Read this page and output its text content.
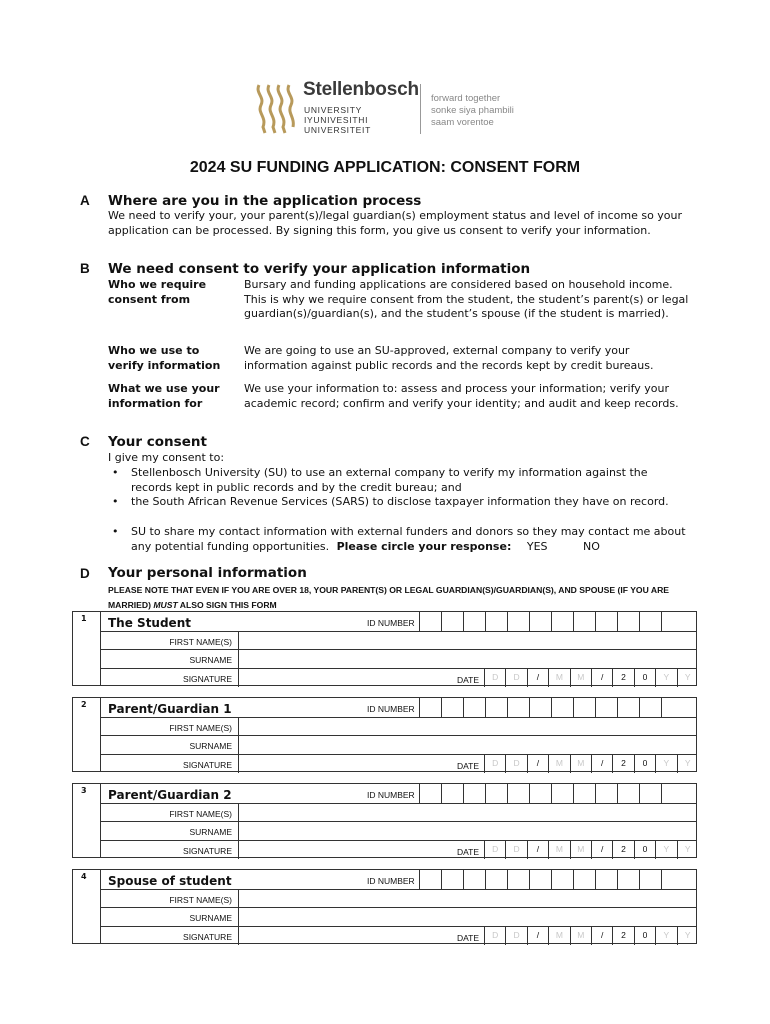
Stellenbosch
UNIVERSITY
IYUNIVESITHI
UNIVERSITEIT
forward together
sonke siya phambili
saam vorentoe
2024 SU FUNDING APPLICATION: CONSENT FORM
A Where are you in the application process
We need to verify your, your parent(s)/legal guardian(s) employment status and level of income so your application can be processed. By signing this form, you give us consent to verify your information.
B We need consent to verify your application information
Who we require consent from
Bursary and funding applications are considered based on household income. This is why we require consent from the student, the student’s parent(s) or legal guardian(s)/guardian(s), and the student’s spouse (if the student is married).
Who we use to verify information
We are going to use an SU-approved, external company to verify your information against public records and the records kept by credit bureaus.
What we use your information for
We use your information to: assess and process your information; verify your academic record; confirm and verify your identity; and audit and keep records.
C Your consent
I give my consent to:
• Stellenbosch University (SU) to use an external company to verify my information against the records kept in public records and by the credit bureau; and
• the South African Revenue Services (SARS) to disclose taxpayer information they have on record.
• SU to share my contact information with external funders and donors so they may contact me about any potential funding opportunities. Please circle your response: YES	NO
D Your personal information
PLEASE NOTE THAT EVEN IF YOU ARE OVER 18, YOUR PARENT(S) OR LEGAL GUARDIAN(S)/GUARDIAN(S), AND SPOUSE (IF YOU ARE MARRIED) MUST ALSO SIGN THIS FORM
1 The Student	ID NUMBER
FIRST NAME(S)
SURNAME
SIGNATURE	DATE	D	D	/	M	M	/	2	0	Y	Y
2 Parent/Guardian 1	ID NUMBER
FIRST NAME(S)
SURNAME
SIGNATURE	DATE	D	D	/	M	M	/	2	0	Y	Y
3 Parent/Guardian 2	ID NUMBER
FIRST NAME(S)
SURNAME
SIGNATURE	DATE	D	D	/	M	M	/	2	0	Y	Y
4 Spouse of student	ID NUMBER
FIRST NAME(S)
SURNAME
SIGNATURE	DATE	D	D	/	M	M	/	2	0	Y	Y
